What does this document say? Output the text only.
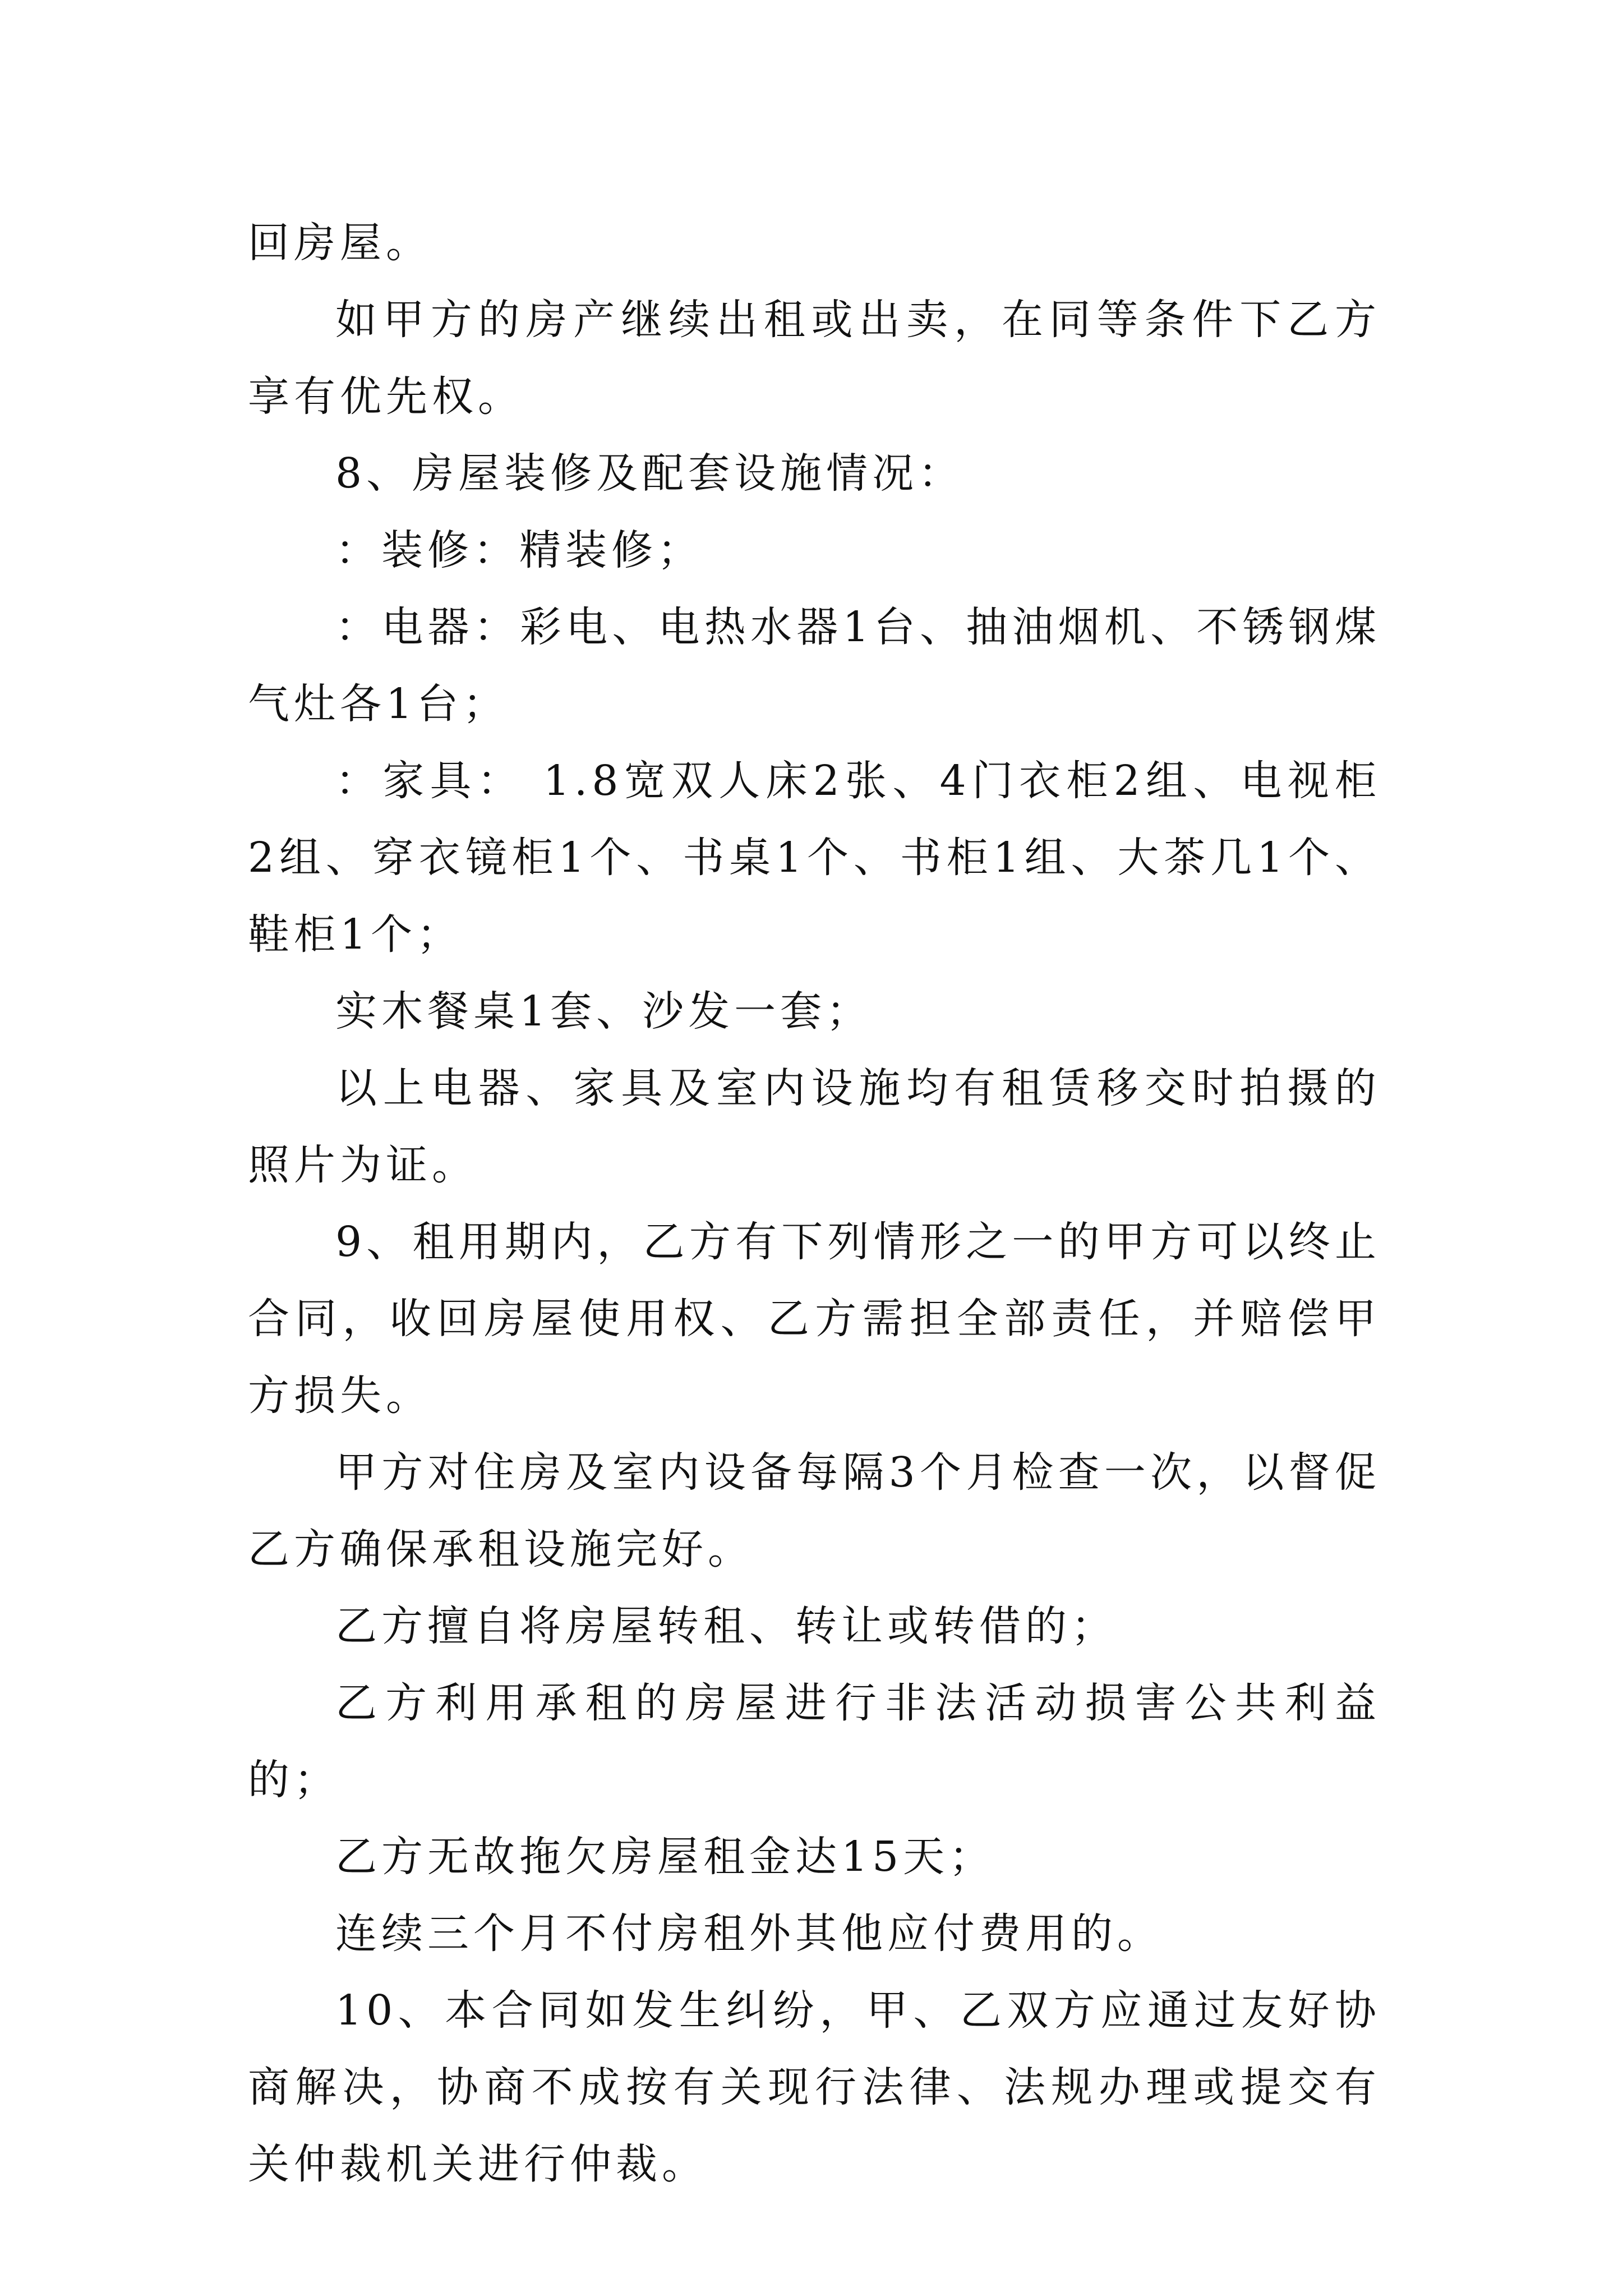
回房屋。

如甲方的房产继续出租或出卖，在同等条件下乙方享有优先权。

8、房屋装修及配套设施情况：

：装修：精装修；

：电器：彩电、电热水器1台、抽油烟机、不锈钢煤气灶各1台；

：家具： 1.8宽双人床2张、4门衣柜2组、电视柜2组、穿衣镜柜1个、书桌1个、书柜1组、大茶几1个、鞋柜1个；

实木餐桌1套、沙发一套；

以上电器、家具及室内设施均有租赁移交时拍摄的照片为证。

9、租用期内，乙方有下列情形之一的甲方可以终止合同，收回房屋使用权、乙方需担全部责任，并赔偿甲方损失。

甲方对住房及室内设备每隔3个月检查一次，以督促乙方确保承租设施完好。

乙方擅自将房屋转租、转让或转借的；

乙方利用承租的房屋进行非法活动损害公共利益的；

乙方无故拖欠房屋租金达15天；

连续三个月不付房租外其他应付费用的。

10、本合同如发生纠纷，甲、乙双方应通过友好协商解决，协商不成按有关现行法律、法规办理或提交有关仲裁机关进行仲裁。
